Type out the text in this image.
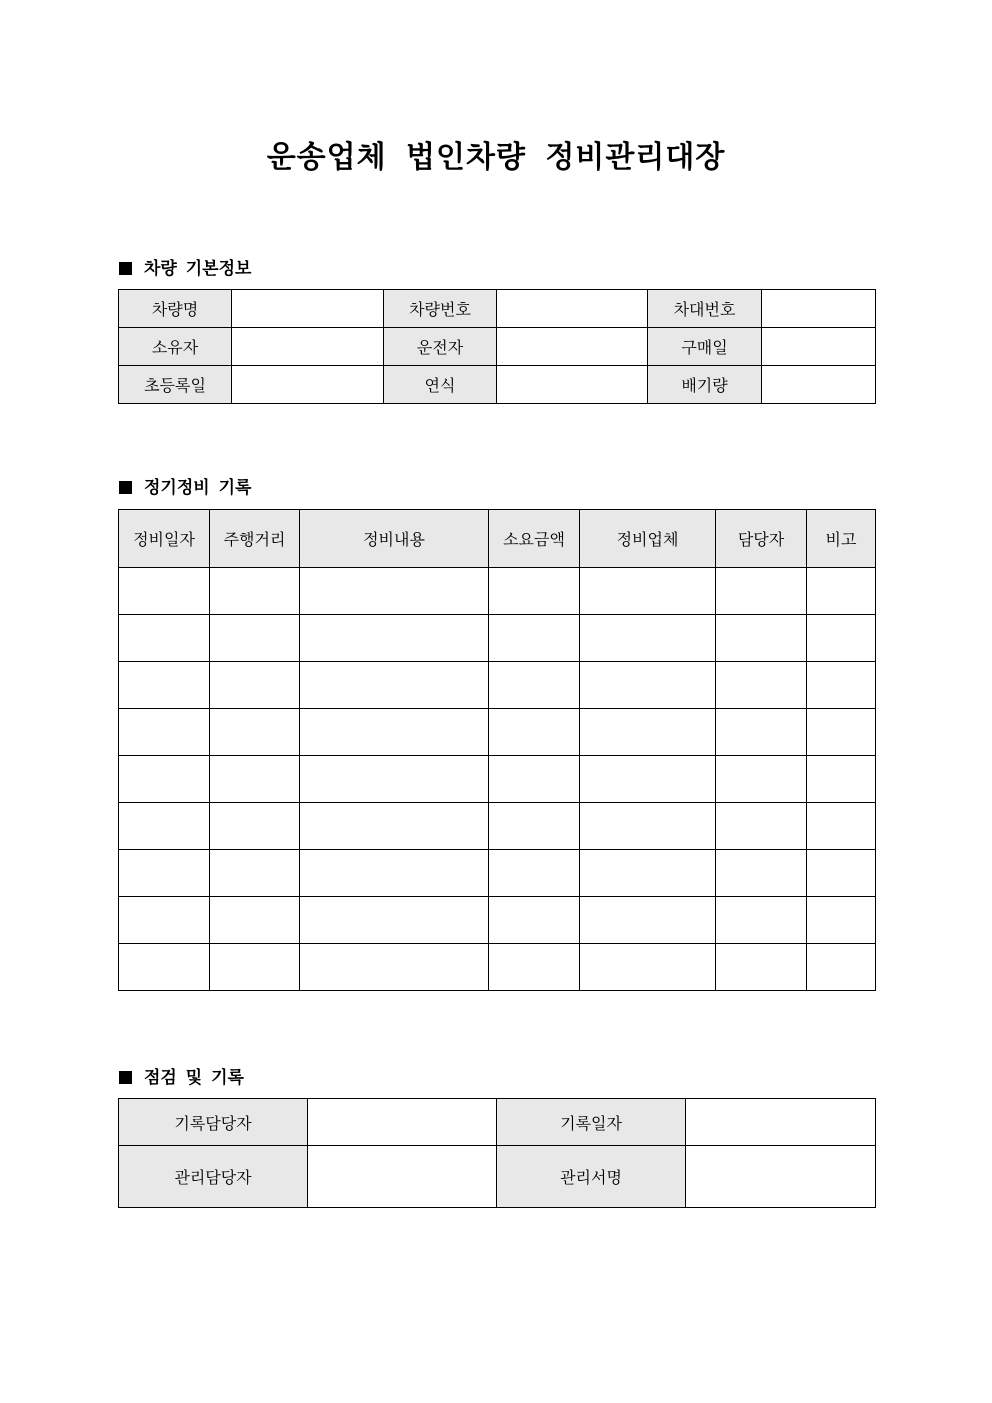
운송업체 법인차량 정비관리대장
차량 기본정보
차량명		차량번호		차대번호	
소유자		운전자		구매일	
초등록일		연식		배기량	
정기정비 기록
정비일자	주행거리	정비내용	소요금액	정비업체	담당자	비고

점검 및 기록
기록담당자		기록일자	
관리담당자		관리서명	
